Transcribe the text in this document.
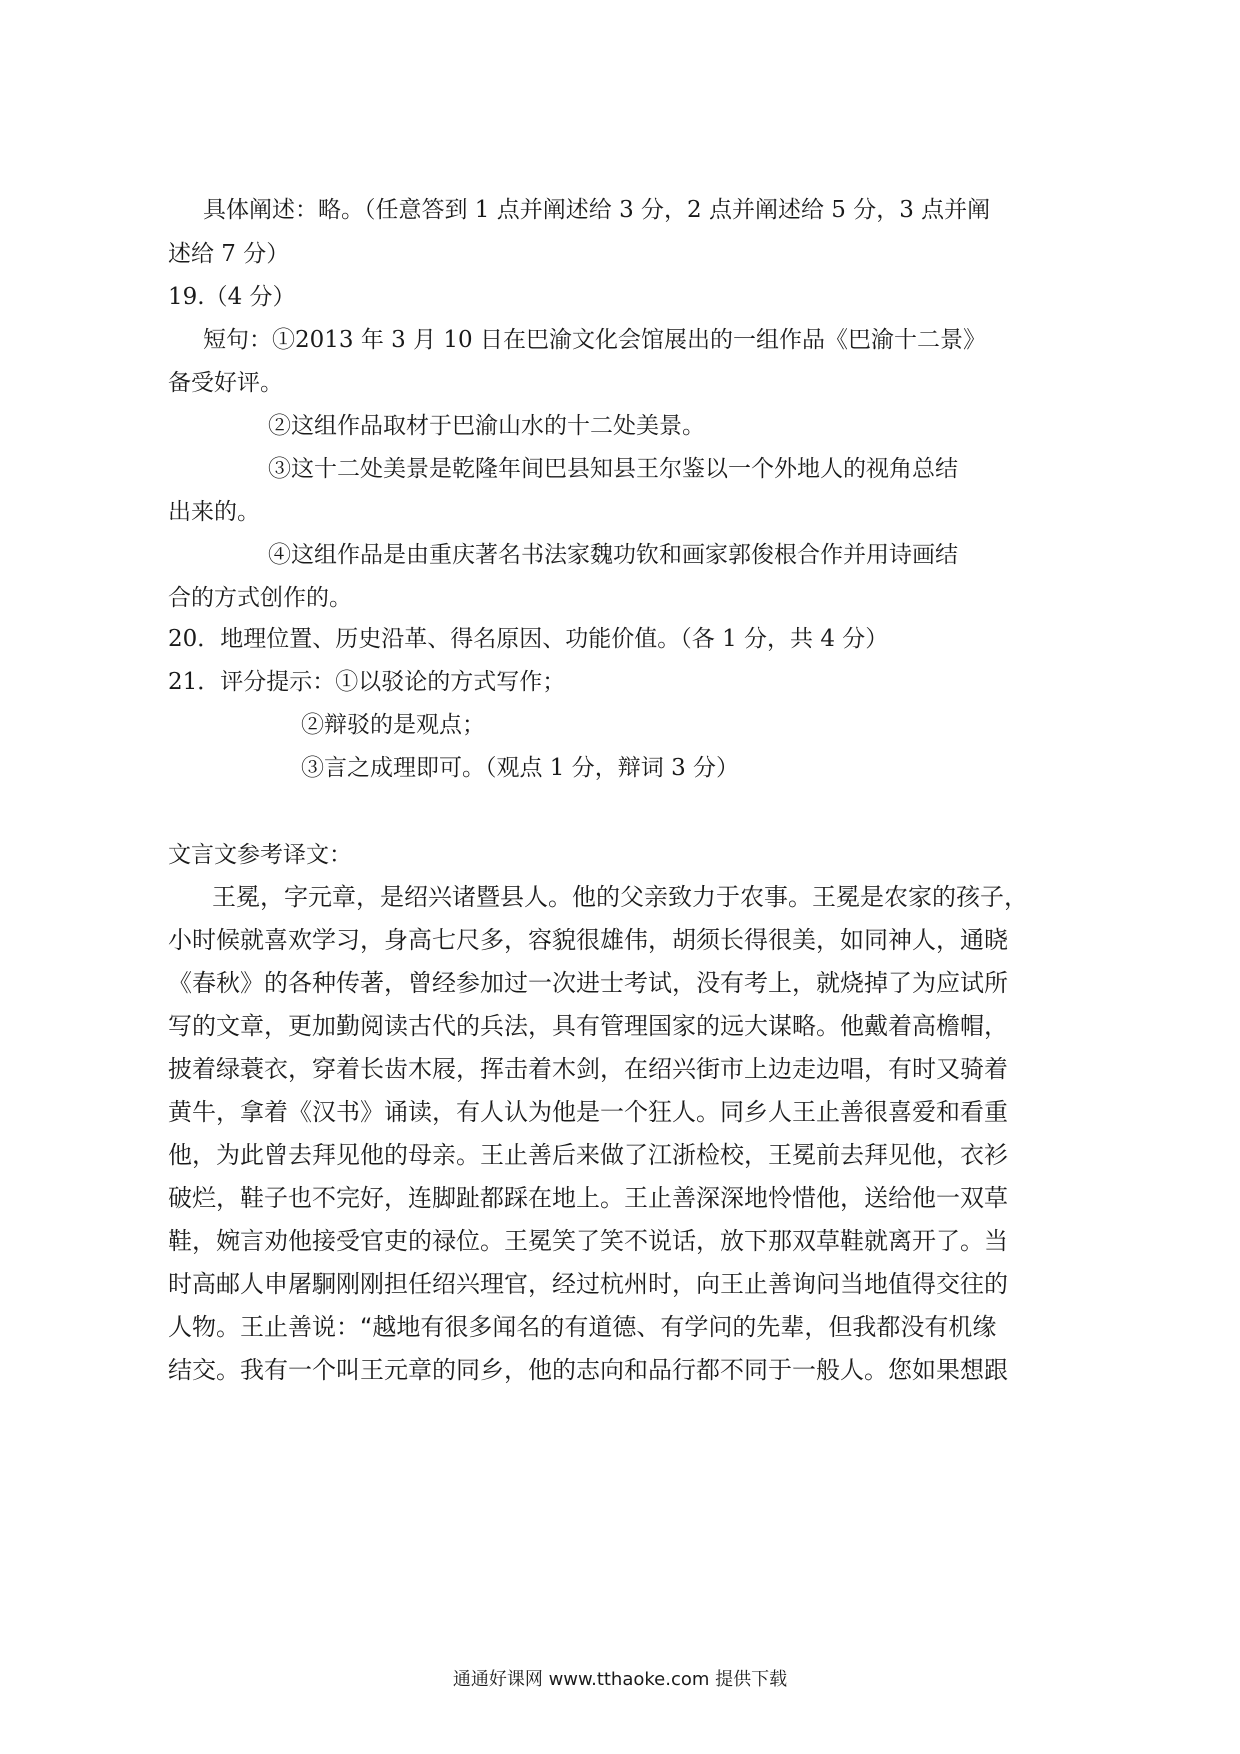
具体阐述：略。（任意答到 1 点并阐述给 3 分，2 点并阐述给 5 分，3 点并阐
述给 7 分）
19.（4 分）
短句：①2013 年 3 月 10 日在巴渝文化会馆展出的一组作品《巴渝十二景》
备受好评。
②这组作品取材于巴渝山水的十二处美景。
③这十二处美景是乾隆年间巴县知县王尔鉴以一个外地人的视角总结
出来的。
④这组作品是由重庆著名书法家魏功钦和画家郭俊根合作并用诗画结
合的方式创作的。
20．地理位置、历史沿革、得名原因、功能价值。（各 1 分，共 4 分）
21．评分提示：①以驳论的方式写作；
②辩驳的是观点；
③言之成理即可。（观点 1 分，辩词 3 分）
文言文参考译文：
王冕，字元章，是绍兴诸暨县人。他的父亲致力于农事。王冕是农家的孩子，
小时候就喜欢学习，身高七尺多，容貌很雄伟，胡须长得很美，如同神人，通晓
《春秋》的各种传著，曾经参加过一次进士考试，没有考上，就烧掉了为应试所
写的文章，更加勤阅读古代的兵法，具有管理国家的远大谋略。他戴着高檐帽，
披着绿蓑衣，穿着长齿木屐，挥击着木剑，在绍兴街市上边走边唱，有时又骑着
黄牛，拿着《汉书》诵读，有人认为他是一个狂人。同乡人王止善很喜爱和看重
他，为此曾去拜见他的母亲。王止善后来做了江浙检校，王冕前去拜见他，衣衫
破烂，鞋子也不完好，连脚趾都踩在地上。王止善深深地怜惜他，送给他一双草
鞋，婉言劝他接受官吏的禄位。王冕笑了笑不说话，放下那双草鞋就离开了。当
时高邮人申屠駉刚刚担任绍兴理官，经过杭州时，向王止善询问当地值得交往的
人物。王止善说：“越地有很多闻名的有道德、有学问的先辈，但我都没有机缘
结交。我有一个叫王元章的同乡，他的志向和品行都不同于一般人。您如果想跟
通通好课网 www.tthaoke.com 提供下载
